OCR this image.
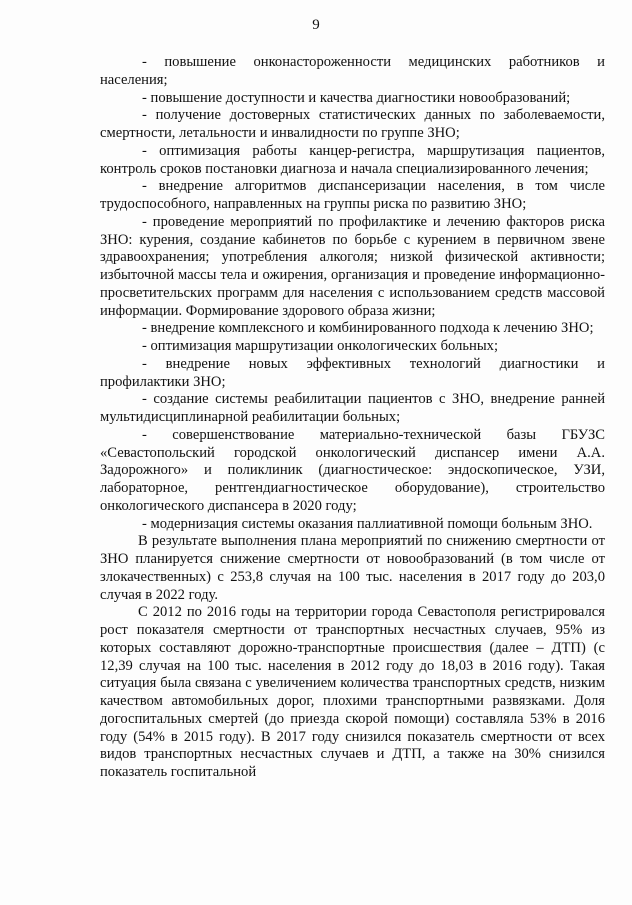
9

- повышение онконастороженности медицинских работников и населения;

- повышение доступности и качества диагностики новообразований;

- получение достоверных статистических данных по заболеваемости, смертности, летальности и инвалидности по группе ЗНО;

- оптимизация работы канцер-регистра, маршрутизация пациентов, контроль сроков постановки диагноза и начала специализированного лечения;

- внедрение алгоритмов диспансеризации населения, в том числе трудоспособного, направленных на группы риска по развитию ЗНО;

- проведение мероприятий по профилактике и лечению факторов риска ЗНО: курения, создание кабинетов по борьбе с курением в первичном звене здравоохранения; употребления алкоголя; низкой физической активности; избыточной массы тела и ожирения, организация и проведение информационно-просветительских программ для населения с использованием средств массовой информации. Формирование здорового образа жизни;

- внедрение комплексного и комбинированного подхода к лечению ЗНО;

- оптимизация маршрутизации онкологических больных;

- внедрение новых эффективных технологий диагностики и профилактики ЗНО;

- создание системы реабилитации пациентов с ЗНО, внедрение ранней мультидисциплинарной реабилитации больных;

- совершенствование материально-технической базы ГБУЗС «Севастопольский городской онкологический диспансер имени А.А. Задорожного» и поликлиник (диагностическое: эндоскопическое, УЗИ, лабораторное, рентгендиагностическое оборудование), строительство онкологического диспансера в 2020 году;

- модернизация системы оказания паллиативной помощи больным ЗНО.

В результате выполнения плана мероприятий по снижению смертности от ЗНО планируется снижение смертности от новообразований (в том числе от злокачественных) с 253,8 случая на 100 тыс. населения в 2017 году до 203,0 случая в 2022 году.

С 2012 по 2016 годы на территории города Севастополя регистрировался рост показателя смертности от транспортных несчастных случаев, 95% из которых составляют дорожно-транспортные происшествия (далее – ДТП) (с 12,39 случая на 100 тыс. населения в 2012 году до 18,03 в 2016 году). Такая ситуация была связана с увеличением количества транспортных средств, низким качеством автомобильных дорог, плохими транспортными развязками. Доля догоспитальных смертей (до приезда скорой помощи) составляла 53% в 2016 году (54% в 2015 году). В 2017 году снизился показатель смертности от всех видов транспортных несчастных случаев и ДТП, а также на 30% снизился показатель госпитальной
